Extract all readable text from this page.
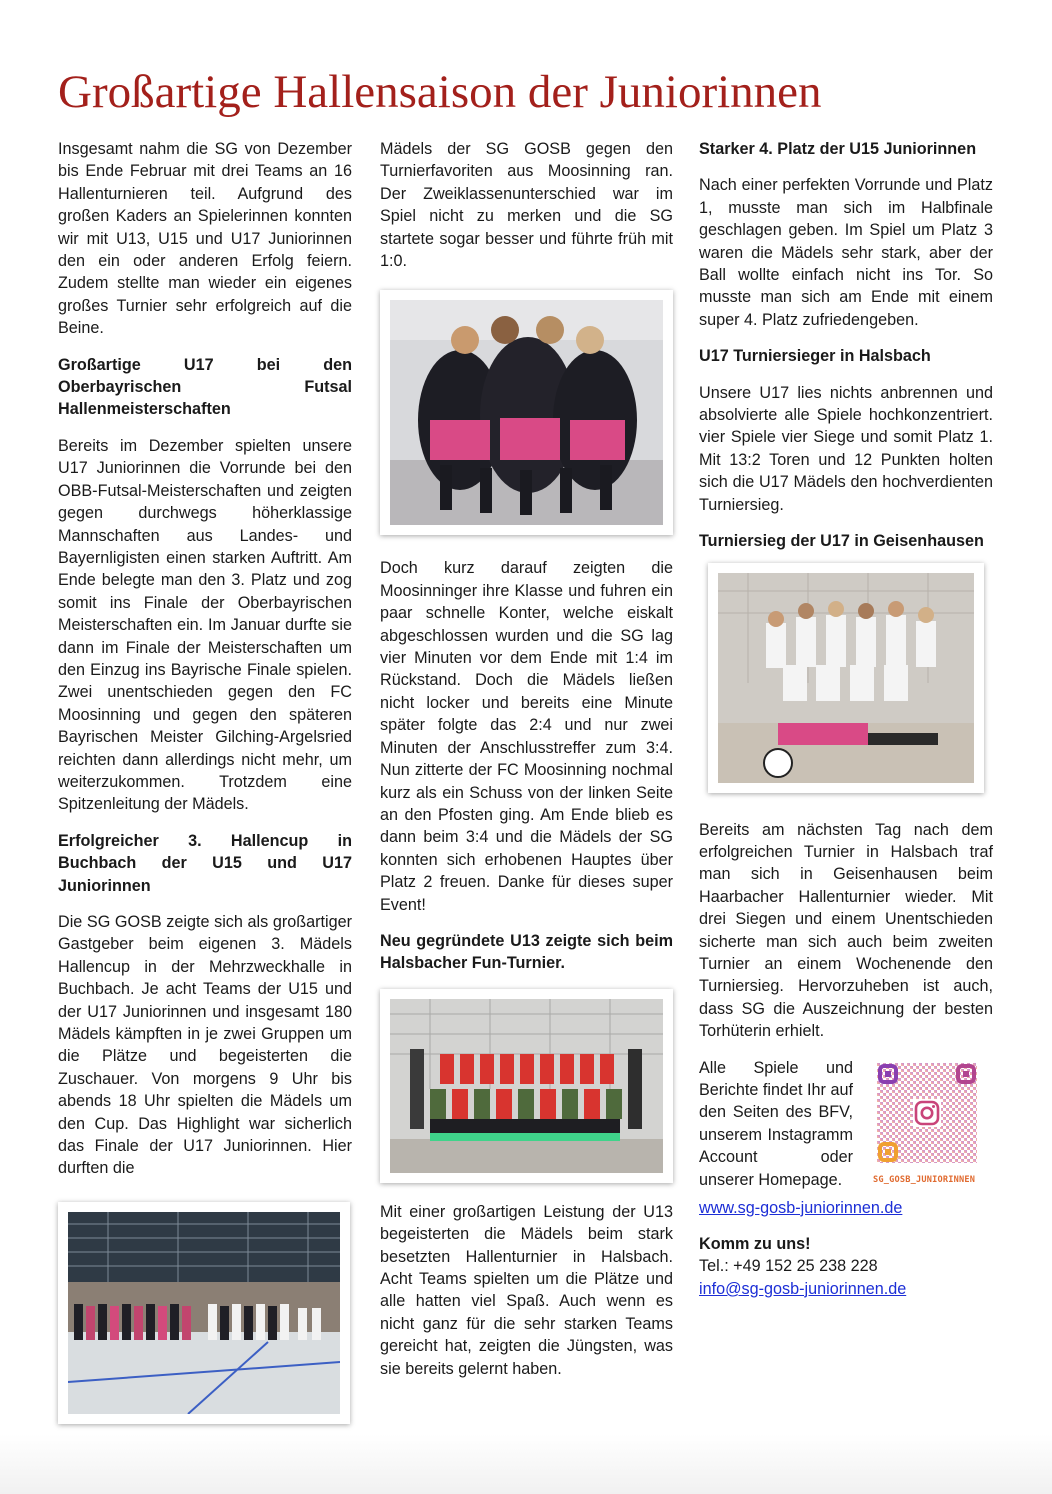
Großartige Hallensaison der Juniorinnen

Insgesamt nahm die SG von Dezember bis Ende Februar mit drei Teams an 16 Hallenturnieren teil. Aufgrund des großen Kaders an Spielerinnen konnten wir mit U13, U15 und U17 Juniorinnen den ein oder anderen Erfolg feiern. Zudem stellte man wieder ein eigenes großes Turnier sehr erfolgreich auf die Beine.

Großartige U17 bei den Oberbayrischen Futsal Hallenmeisterschaften

Bereits im Dezember spielten unsere U17 Juniorinnen die Vorrunde bei den OBB-Futsal-Meisterschaften und zeigten gegen durchwegs höherklassige Mannschaften aus Landes- und Bayernligisten einen starken Auftritt. Am Ende belegte man den 3. Platz und zog somit ins Finale der Oberbayrischen Meisterschaften ein. Im Januar durfte sie dann im Finale der Meisterschaften um den Einzug ins Bayrische Finale spielen. Zwei unentschieden gegen den FC Moosinning und gegen den späteren Bayrischen Meister Gilching-Argelsried reichten dann allerdings nicht mehr, um weiterzukommen. Trotzdem eine Spitzenleitung der Mädels.

Erfolgreicher 3. Hallencup in Buchbach der U15 und U17 Juniorinnen

Die SG GOSB zeigte sich als großartiger Gastgeber beim eigenen 3. Mädels Hallencup in der Mehrzweckhalle in Buchbach. Je acht Teams der U15 und der U17 Juniorinnen und insgesamt 180 Mädels kämpften in je zwei Gruppen um die Plätze und begeisterten die Zuschauer. Von morgens 9 Uhr bis abends 18 Uhr spielten die Mädels um den Cup. Das Highlight war sicherlich das Finale der U17 Juniorinnen. Hier durften die

Mädels der SG GOSB gegen den Turnierfavoriten aus Moosinning ran. Der Zweiklassenunterschied war im Spiel nicht zu merken und die SG startete sogar besser und führte früh mit 1:0.

Doch kurz darauf zeigten die Moosinninger ihre Klasse und fuhren ein paar schnelle Konter, welche eiskalt abgeschlossen wurden und die SG lag vier Minuten vor dem Ende mit 1:4 im Rückstand. Doch die Mädels ließen nicht locker und bereits eine Minute später folgte das 2:4 und nur zwei Minuten der Anschlusstreffer zum 3:4. Nun zitterte der FC Moosinning nochmal kurz als ein Schuss von der linken Seite an den Pfosten ging. Am Ende blieb es dann beim 3:4 und die Mädels der SG konnten sich erhobenen Hauptes über Platz 2 freuen. Danke für dieses super Event!

Neu gegründete U13 zeigte sich beim Halsbacher Fun-Turnier.

Mit einer großartigen Leistung der U13 begeisterten die Mädels beim stark besetzten Hallenturnier in Halsbach. Acht Teams spielten um die Plätze und alle hatten viel Spaß. Auch wenn es nicht ganz für die sehr starken Teams gereicht hat, zeigten die Jüngsten, was sie bereits gelernt haben.

Starker 4. Platz der U15 Juniorinnen

Nach einer perfekten Vorrunde und Platz 1, musste man sich im Halbfinale geschlagen geben. Im Spiel um Platz 3 waren die Mädels sehr stark, aber der Ball wollte einfach nicht ins Tor. So musste man sich am Ende mit einem super 4. Platz zufriedengeben.

U17 Turniersieger in Halsbach

Unsere U17 lies nichts anbrennen und absolvierte alle Spiele hochkonzentriert. vier Spiele vier Siege und somit Platz 1. Mit 13:2 Toren und 12 Punkten holten sich die U17 Mädels den hochverdienten Turniersieg.

Turniersieg der U17 in Geisenhausen

Bereits am nächsten Tag nach dem erfolgreichen Turnier in Halsbach traf man sich in Geisenhausen beim Haarbacher Hallenturnier wieder. Mit drei Siegen und einem Unentschieden sicherte man sich auch beim zweiten Turnier an einem Wochenende den Turniersieg. Hervorzuheben ist auch, dass SG die Auszeichnung der besten Torhüterin erhielt.

Alle Spiele und Berichte findet Ihr auf den Seiten des BFV, unserem Instagramm Account oder unserer Homepage.	SG_GOSB_JUNIORINNEN

www.sg-gosb-juniorinnen.de

Komm zu uns!

Tel.: +49 152 25 238 228

info@sg-gosb-juniorinnen.de
